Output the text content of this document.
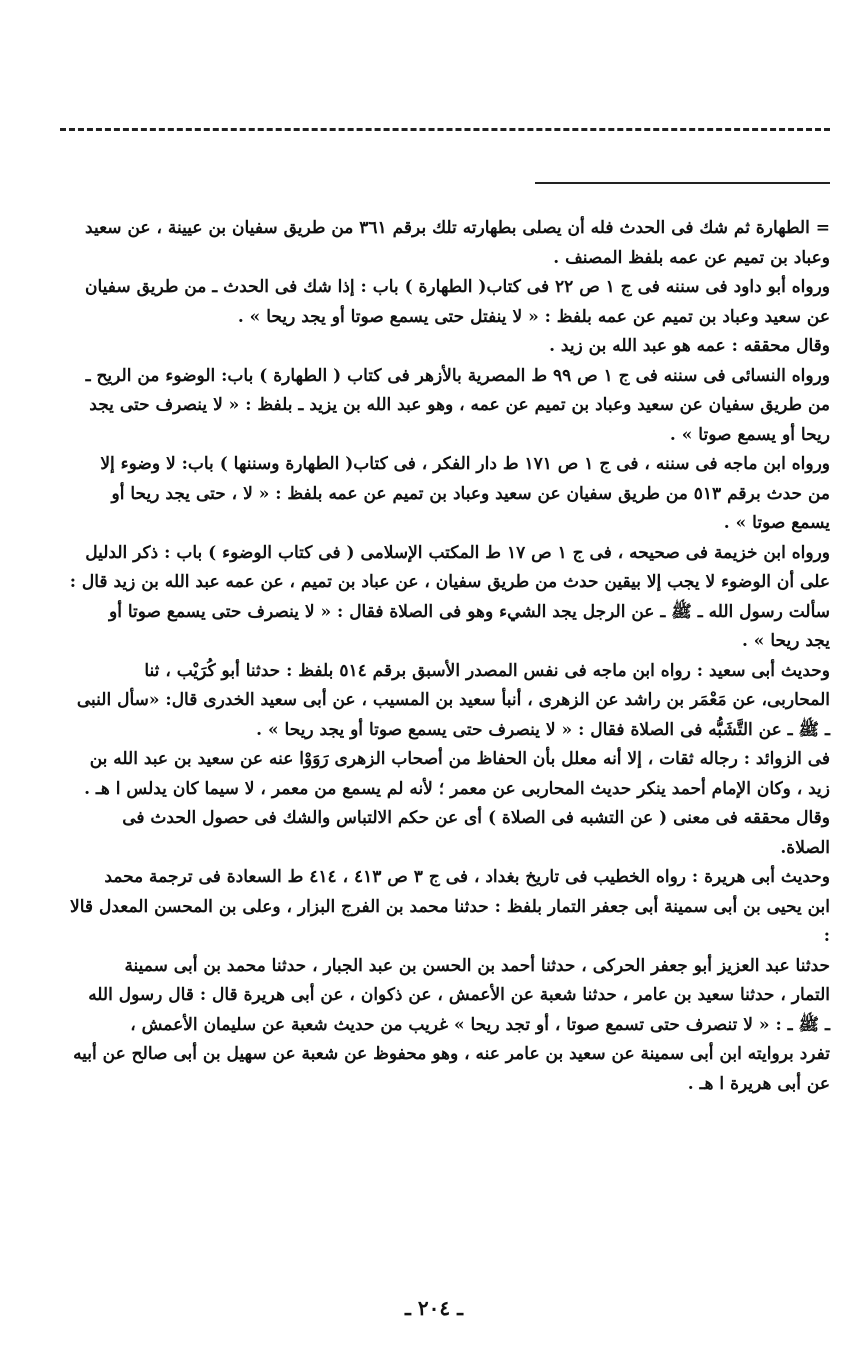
= الطهارة ثم شك فى الحدث فله أن يصلى بطهارته تلك برقم ٣٦١ من طريق سفيان بن عيينة ، عن سعيد

وعباد بن تميم عن عمه بلفظ المصنف .

ورواه أبو داود فى سننه فى ج ١ ص ٢٢ فى كتاب( الطهارة ) باب : إذا شك فى الحدث ـ من طريق سفيان

عن سعيد وعباد بن تميم عن عمه بلفظ : « لا ينفتل حتى يسمع صوتا أو يجد ريحا » .

وقال محققه : عمه هو عبد الله بن زيد .

ورواه النسائى فى سننه فى ج ١ ص ٩٩ ط المصرية بالأزهر فى كتاب ( الطهارة ) باب: الوضوء من الريح ـ

من طريق سفيان عن سعيد وعباد بن تميم عن عمه ، وهو عبد الله بن يزيد ـ بلفظ : « لا ينصرف حتى يجد

ريحا أو يسمع صوتا » .

ورواه ابن ماجه فى سننه ، فى ج ١ ص ١٧١ ط دار الفكر ، فى كتاب( الطهارة وسننها ) باب: لا وضوء إلا

من حدث برقم ٥١٣ من طريق سفيان عن سعيد وعباد بن تميم عن عمه بلفظ : « لا ، حتى يجد ريحا أو

يسمع صوتا » .

ورواه ابن خزيمة فى صحيحه ، فى ج ١ ص ١٧ ط المكتب الإسلامى ( فى كتاب الوضوء ) باب : ذكر الدليل

على أن الوضوء لا يجب إلا بيقين حدث من طريق سفيان ، عن عباد بن تميم ، عن عمه عبد الله بن زيد قال :

سألت رسول الله ـ ﷺ ـ عن الرجل يجد الشيء وهو فى الصلاة فقال : « لا ينصرف حتى يسمع صوتا أو

يجد ريحا » .

وحديث أبى سعيد : رواه ابن ماجه فى نفس المصدر الأسبق برقم ٥١٤ بلفظ : حدثنا أبو كُرَيْب ، ثنا

المحاربى، عن مَعْمَر بن راشد عن الزهرى ، أنبأ سعيد بن المسيب ، عن أبى سعيد الخدرى قال: «سأل النبى

ـ ﷺ ـ عن التَّشَبُّه فى الصلاة فقال : « لا ينصرف حتى يسمع صوتا أو يجد ريحا » .

فى الزوائد : رجاله ثقات ، إلا أنه معلل بأن الحفاظ من أصحاب الزهرى رَوَوْا عنه عن سعيد بن عبد الله بن

زيد ، وكان الإمام أحمد ينكر حديث المحاربى عن معمر ؛ لأنه لم يسمع من معمر ، لا سيما كان يدلس ا هـ .

وقال محققه فى معنى ( عن التشبه فى الصلاة ) أى عن حكم الالتباس والشك فى حصول الحدث فى

الصلاة.

وحديث أبى هريرة : رواه الخطيب فى تاريخ بغداد ، فى ج ٣ ص ٤١٣ ، ٤١٤ ط السعادة فى ترجمة محمد

ابن يحيى بن أبى سمينة أبى جعفر التمار بلفظ : حدثنا محمد بن الفرج البزار ، وعلى بن المحسن المعدل قالا :

حدثنا عبد العزيز أبو جعفر الحركى ، حدثنا أحمد بن الحسن بن عبد الجبار ، حدثنا محمد بن أبى سمينة

التمار ، حدثنا سعيد بن عامر ، حدثنا شعبة عن الأعمش ، عن ذكوان ، عن أبى هريرة قال : قال رسول الله

ـ ﷺ ـ : « لا تنصرف حتى تسمع صوتا ، أو تجد ريحا » غريب من حديث شعبة عن سليمان الأعمش ،

تفرد بروايته ابن أبى سمينة عن سعيد بن عامر عنه ، وهو محفوظ عن شعبة عن سهيل بن أبى صالح عن أبيه

عن أبى هريرة ا هـ .

ـ ٢٠٤ ـ
